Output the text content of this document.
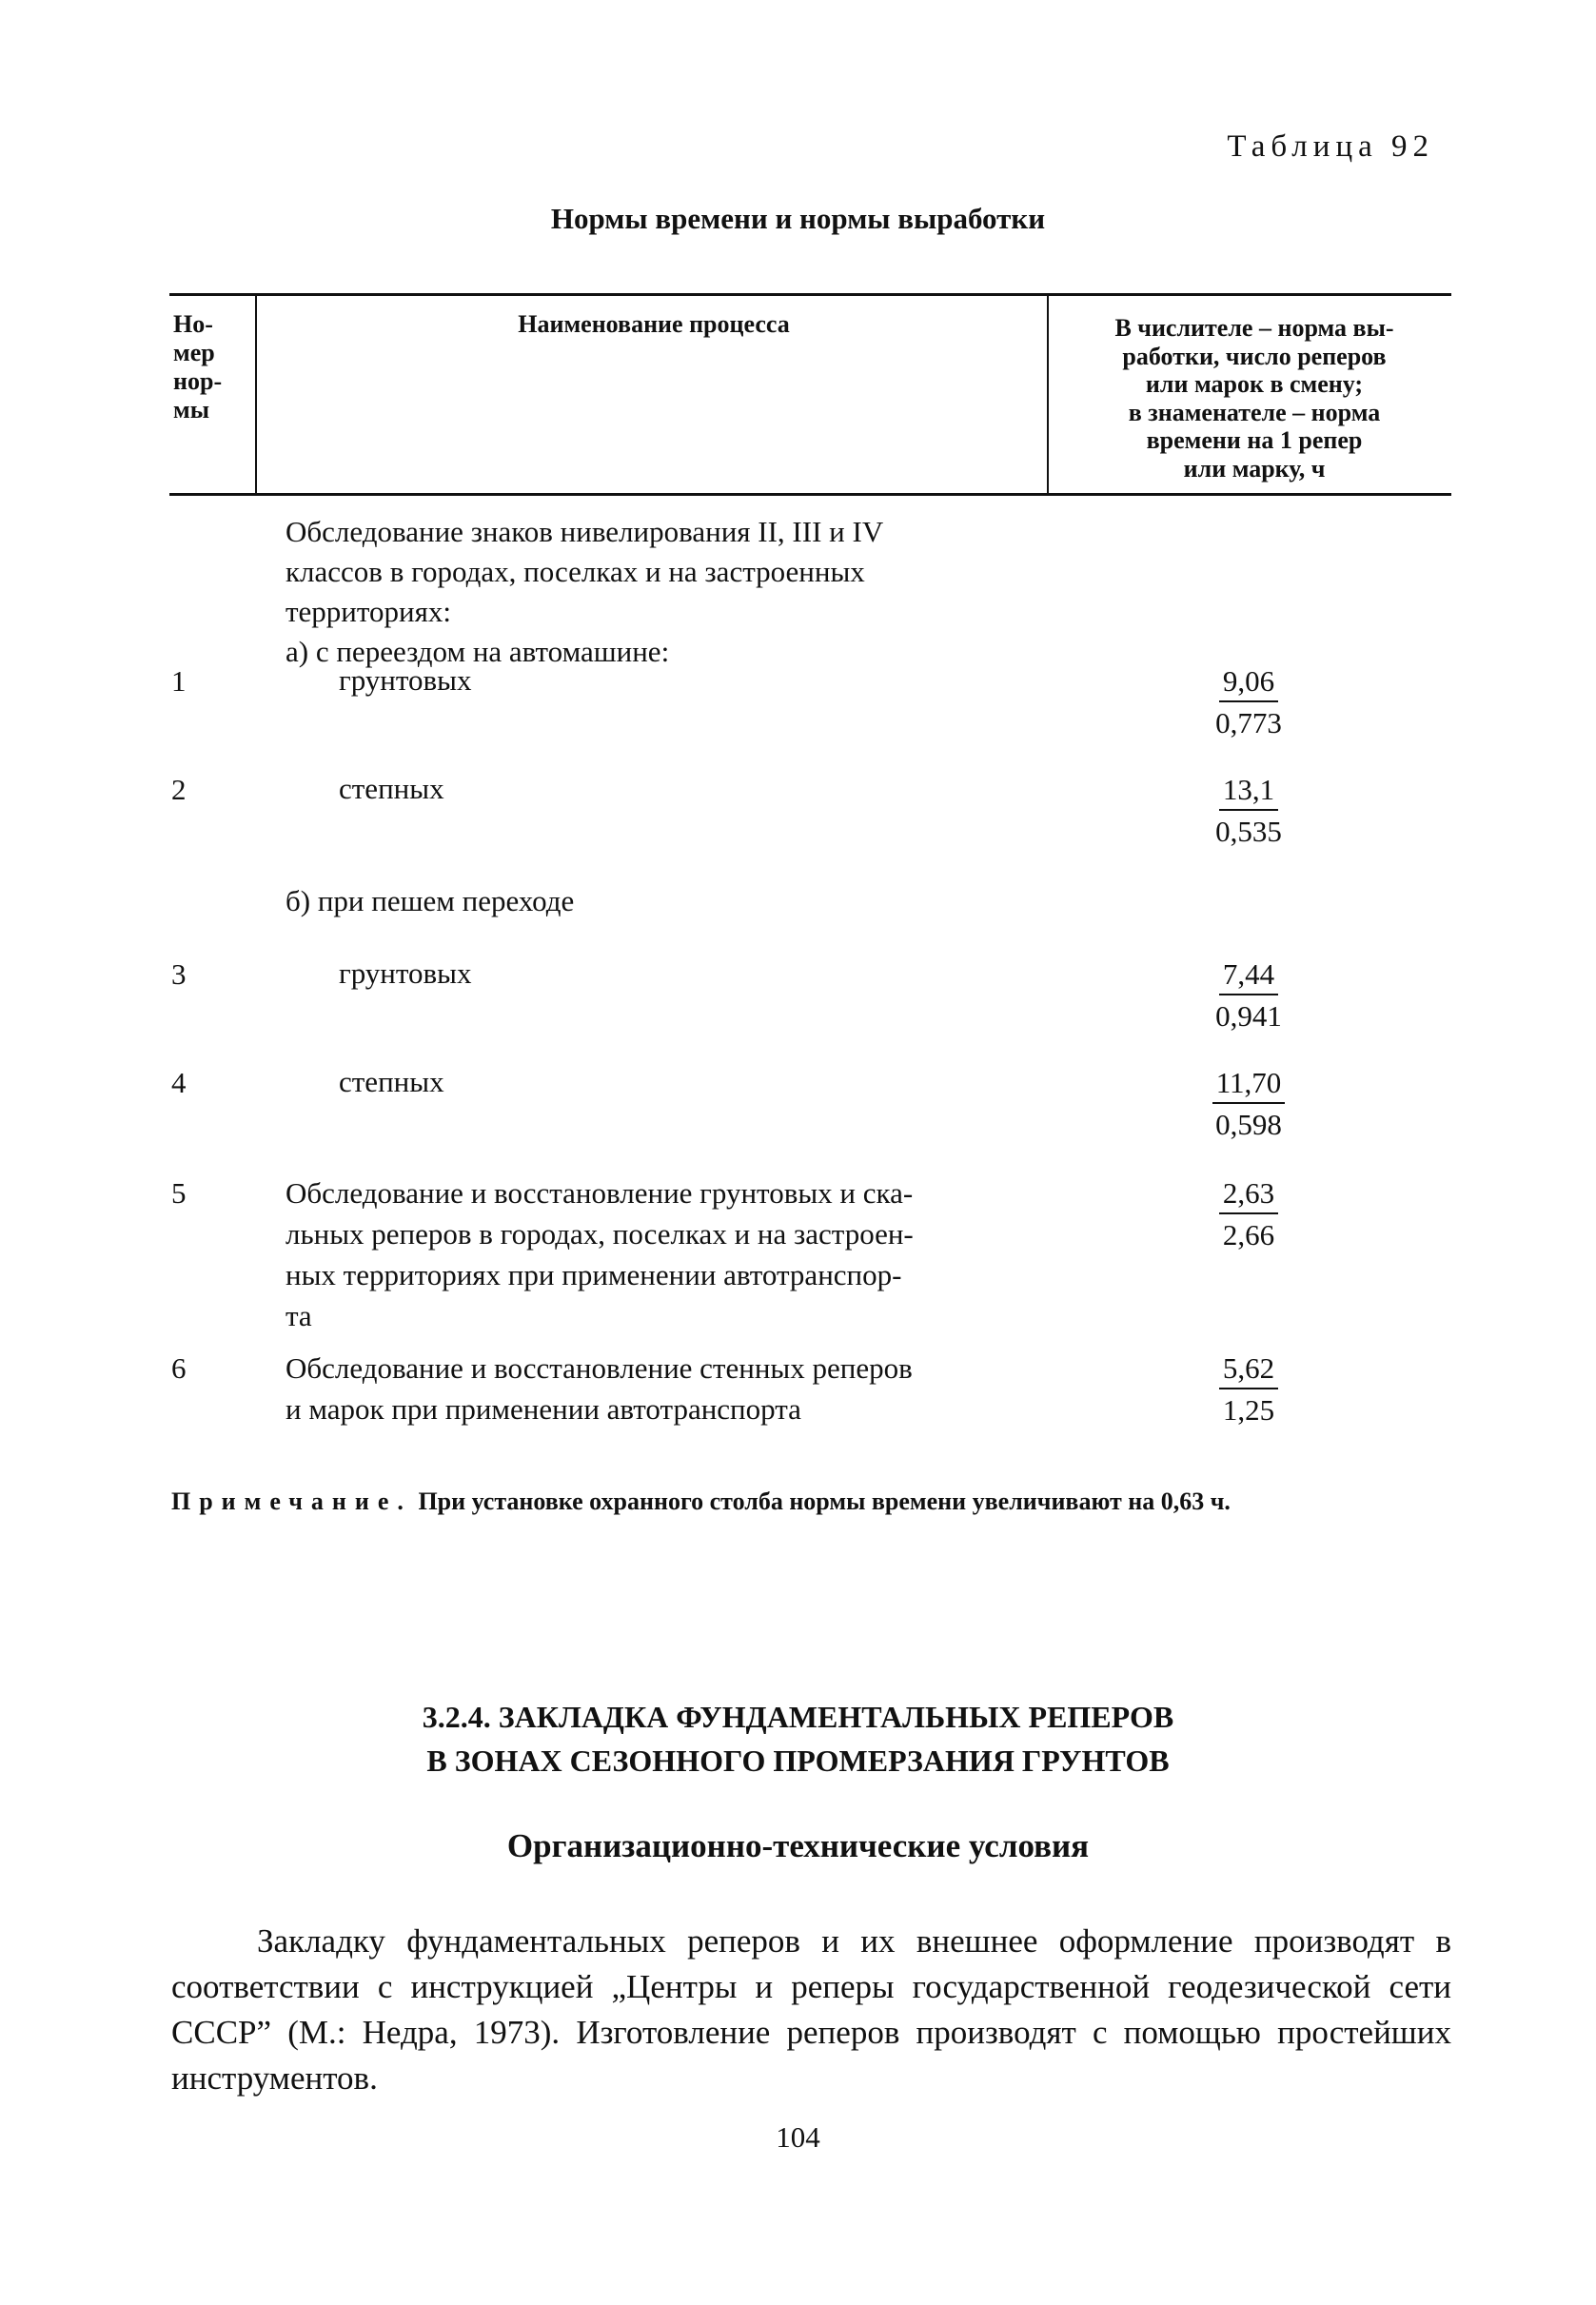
Таблица 92
Нормы времени и нормы выработки
Но-
мер
нор-
мы
Наименование процесса	В числителе – норма вы-
работки, число реперов
или марок в смену;
в знаменателе – норма
времени на 1 репер
или марку, ч
Обследование знаков нивелирования II, III и IV
классов в городах, поселках и на застроенных
территориях:
а) с переездом на автомашине:
1	грунтовых	$\frac{9,06}{0,773}$
2	степных	$\frac{13,1}{0,535}$
б) при пешем переходе
3	грунтовых	$\frac{7,44}{0,941}$
4	степных	$\frac{11,70}{0,598}$
5	Обследование и восстановление грунтовых и ска-
льных реперов в городах, поселках и на застроен-
ных территориях при применении автотранспор-
та
$\frac{2,63}{2,66}$
6	Обследование и восстановление стенных реперов
и марок при применении автотранспорта	$\frac{5,62}{1,25}$
Примечание. При установке охранного столба нормы времени увеличивают на 0,63 ч.
3.2.4. ЗАКЛАДКА ФУНДАМЕНТАЛЬНЫХ РЕПЕРОВ
В ЗОНАХ СЕЗОННОГО ПРОМЕРЗАНИЯ ГРУНТОВ
Организационно-технические условия
Закладку фундаментальных реперов и их внешнее оформление производят в соответствии с инструкцией „Центры и реперы государственной геодезической сети СССР” (М.: Недра, 1973). Изготовление реперов производят с помощью простейших инструментов.
104
